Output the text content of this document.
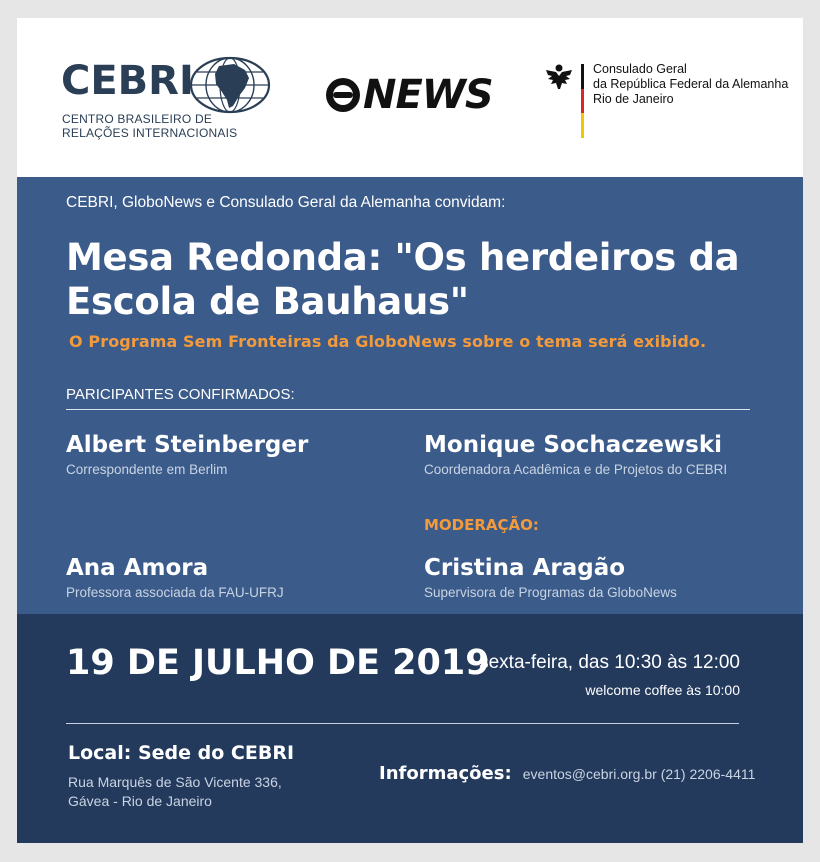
CEBRI
CENTRO BRASILEIRO DE
RELAÇÕES INTERNACIONAIS
NEWS
Consulado Geral
da República Federal da Alemanha
Rio de Janeiro
CEBRI, GloboNews e Consulado Geral da Alemanha convidam:
Mesa Redonda: "Os herdeiros da
Escola de Bauhaus"
O Programa Sem Fronteiras da GloboNews sobre o tema será exibido.
PARICIPANTES CONFIRMADOS:
Albert Steinberger
Correspondente em Berlim
Monique Sochaczewski
Coordenadora Acadêmica e de Projetos do CEBRI
MODERAÇÃO:
Ana Amora
Professora associada da FAU-UFRJ
Cristina Aragão
Supervisora de Programas da GloboNews
19 DE JULHO DE 2019
sexta-feira, das 10:30 às 12:00
welcome coffee às 10:00
Local: Sede do CEBRI
Rua Marquês de São Vicente 336,
Gávea - Rio de Janeiro
Informações: eventos@cebri.org.br (21) 2206-4411
